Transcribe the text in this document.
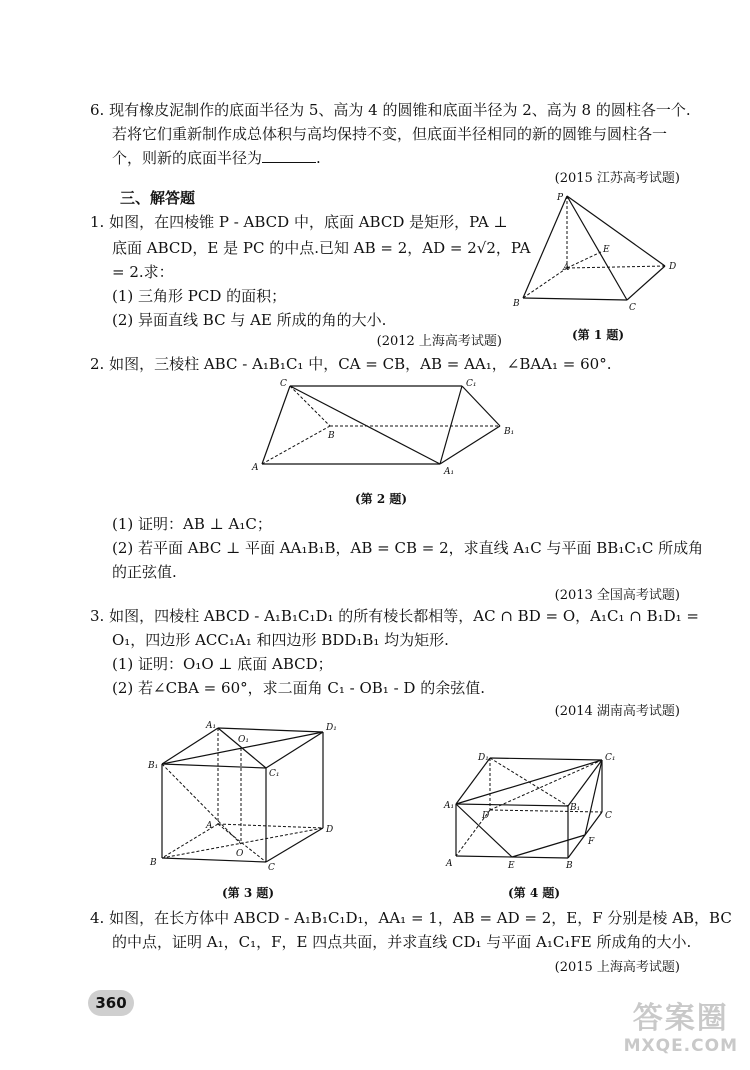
6. 现有橡皮泥制作的底面半径为 5、高为 4 的圆锥和底面半径为 2、高为 8 的圆柱各一个.
若将它们重新制作成总体积与高均保持不变，但底面半径相同的新的圆锥与圆柱各一
个，则新的底面半径为	.
(2015 江苏高考试题)
三、解答题
1. 如图，在四棱锥 P - ABCD 中，底面 ABCD 是矩形，PA ⊥
底面 ABCD，E 是 PC 的中点.已知 AB = 2，AD = 2√2，PA
= 2.求：
(1) 三角形 PCD 的面积；
(2) 异面直线 BC 与 AE 所成的角的大小.
(2012 上海高考试题)
P
E
A	D
B	C
(第 1 题)
2. 如图，三棱柱 ABC - A₁B₁C₁ 中，CA = CB，AB = AA₁，∠BAA₁ = 60°.
C	C₁
B	B₁
A	A₁
(第 2 题)
(1) 证明：AB ⊥ A₁C；
(2) 若平面 ABC ⊥ 平面 AA₁B₁B，AB = CB = 2，求直线 A₁C 与平面 BB₁C₁C 所成角
的正弦值.
(2013 全国高考试题)
3. 如图，四棱柱 ABCD - A₁B₁C₁D₁ 的所有棱长都相等，AC ∩ BD = O，A₁C₁ ∩ B₁D₁ =
O₁，四边形 ACC₁A₁ 和四边形 BDD₁B₁ 均为矩形.
(1) 证明：O₁O ⊥ 底面 ABCD；
(2) 若∠CBA = 60°，求二面角 C₁ - OB₁ - D 的余弦值.
(2014 湖南高考试题)
A₁
O₁
D₁
B₁
C₁
A	D
O
B	C
(第 3 题)
D₁	C₁
A₁	B₁
D	C
F
A	E	B
(第 4 题)
4. 如图，在长方体中 ABCD - A₁B₁C₁D₁，AA₁ = 1，AB = AD = 2，E，F 分别是棱 AB，BC
的中点，证明 A₁，C₁，F，E 四点共面，并求直线 CD₁ 与平面 A₁C₁FE 所成角的大小.
(2015 上海高考试题)
360	答案圈
MXQE.COM
